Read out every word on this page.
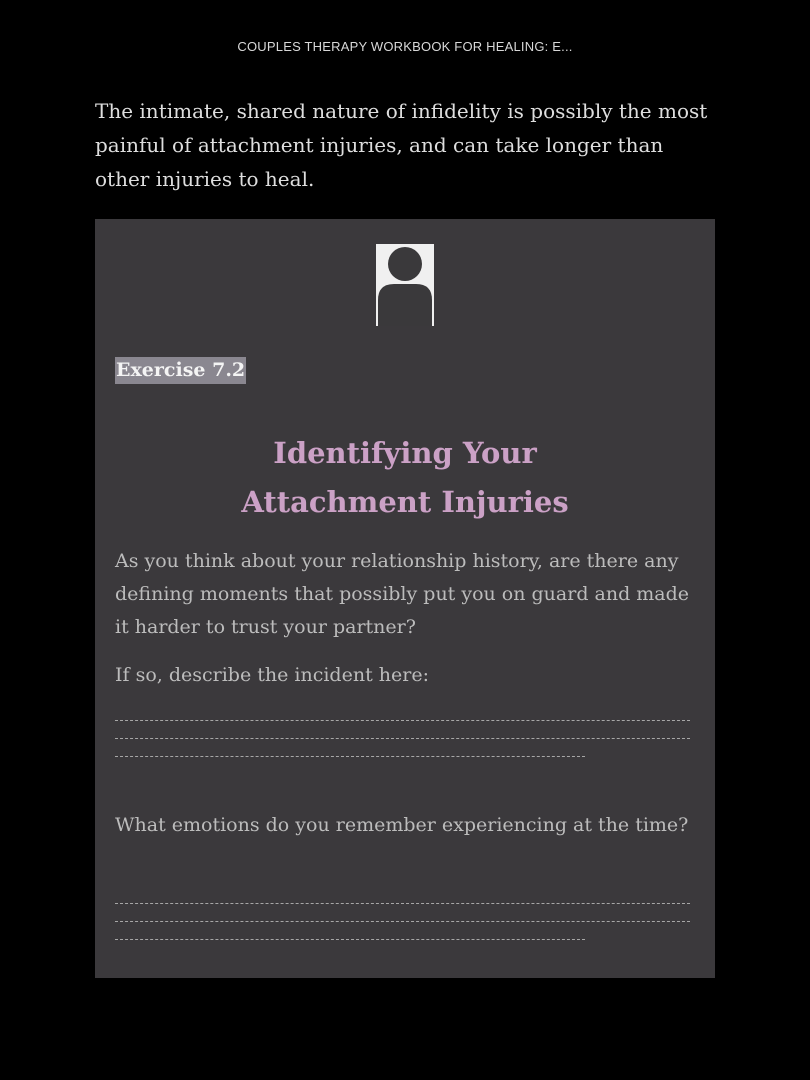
COUPLES THERAPY WORKBOOK FOR HEALING: E...

The intimate, shared nature of infidelity is possibly the most painful of attachment injuries, and can take longer than other injuries to heal.

Exercise 7.2
Identifying Your
Attachment Injuries

As you think about your relationship history, are there any defining moments that possibly put you on guard and made it harder to trust your partner?

If so, describe the incident here:

What emotions do you remember experiencing at the time?
